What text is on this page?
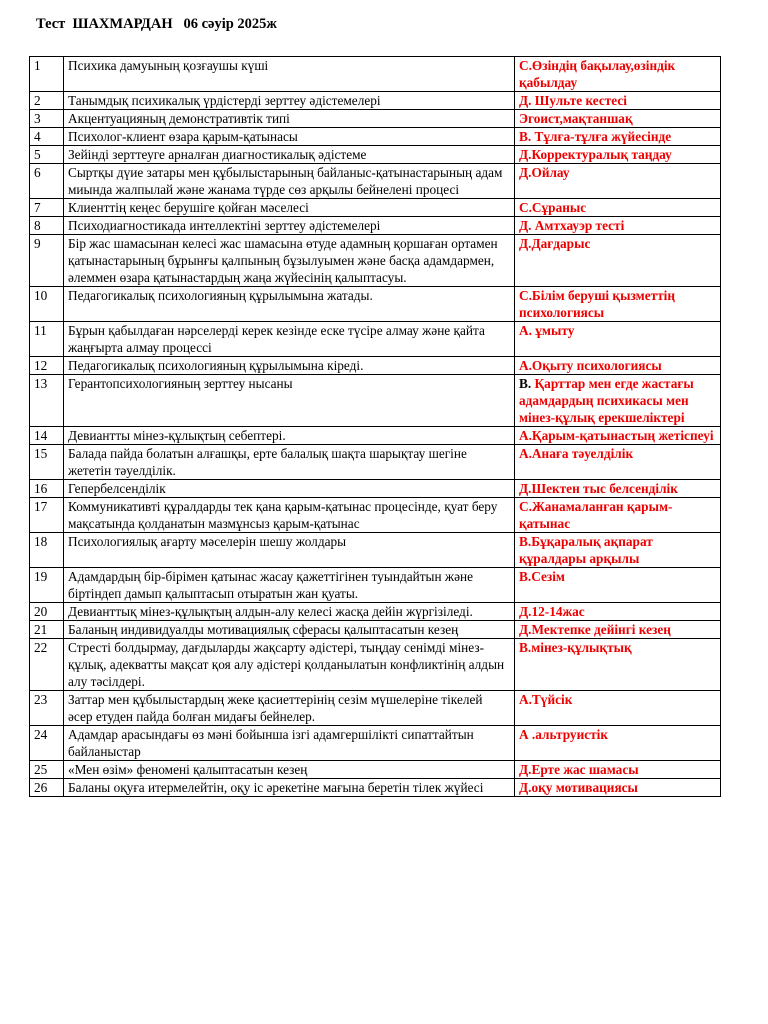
Тест  ШАХМАРДАН   06 сәуір 2025ж
1	Психика дамуының қозғаушы күші	С.Өзіндің бақылау,өзіндік қабылдау
2	Танымдық психикалық үрдістерді зерттеу әдістемелері	Д. Шульте кестесі
3	Акцентуацияның демонстративтік типі	Эгоист,мақтаншақ
4	Психолог-клиент өзара қарым-қатынасы	В. Тұлға-тұлға жүйесінде
5	Зейінді зерттеуге арналған диагностикалық әдістеме	Д.Корректуралық таңдау
6	Сыртқы дүие затары мен құбылыстарының байланыс-қатынастарының адам миында жалпылай және жанама түрде сөз арқылы бейнелені процесі	Д.Ойлау
7	Клиенттің кеңес берушіге қойған мәселесі	С.Сұраныс
8	Психодиагностикада интеллектіні зерттеу әдістемелері	Д. Амтхауэр тесті
9	Бір жас шамасынан келесі жас шамасына өтуде адамның қоршаған ортамен қатынастарының бұрынғы қалпының бұзылуымен және басқа адамдармен, әлеммен өзара қатынастардың жаңа жүйесінің қалыптасуы.	Д.Дағдарыс
10	Педагогикалық психологияның құрылымына жатады.	С.Білім беруші қызметтің психологиясы
11	Бұрын қабылдаған нәрселерді керек кезінде еске түсіре алмау және қайта жаңғырта алмау процессі	А. ұмыту
12	Педагогикалық психологияның құрылымына кіреді.	А.Оқыту психологиясы
13	Герантопсихологияның зерттеу нысаны	В. Қарттар мен егде жастағы адамдардың психикасы мен мінез-құлық ерекшеліктері
14	Девиантты мінез-құлықтың себептері.	А.Қарым-қатынастың жетіспеуі
15	Балада пайда болатын алғашқы, ерте балалық шақта шарықтау шегіне жететін тәуелділік.	А.Анаға тәуелділік
16	Гепербелсенділік	Д.Шектен тыс белсенділік
17	Коммуникативті құралдарды тек қана қарым-қатынас процесінде, қуат беру мақсатында қолданатын мазмұнсыз қарым-қатынас	С.Жанамаланған қарым-қатынас
18	Психологиялық ағарту мәселерін шешу жолдары	В.Бұқаралық ақпарат құралдары арқылы
19	Адамдардың бір-бірімен қатынас жасау қажеттігінен туындайтын және біртіндеп дамып қалыптасып отыратын жан қуаты.	В.Сезім
20	Девианттық мінез-құлықтың алдын-алу келесі жасқа дейін жүргізіледі.	Д.12-14жас
21	Баланың индивидуалды мотивациялық сферасы қалыптасатын кезең	Д.Мектепке дейінгі кезең
22	Стресті болдырмау, дағдыларды жақсарту әдістері, тыңдау сенімді мінез-құлық, адекватты мақсат қоя алу әдістері қолданылатын конфликтінің алдын алу тәсілдері.	В.мінез-құлықтық
23	Заттар мен құбылыстардың жеке қасиеттерінің сезім мүшелеріне тікелей әсер етуден пайда болған мидағы бейнелер.	А.Түйсік
24	Адамдар арасындағы өз мәні бойынша ізгі адамгершілікті сипаттайтын байланыстар	А .альтруистік
25	«Мен өзім» феномені қалыптасатын кезең	Д.Ерте жас шамасы
26	Баланы оқуға итермелейтін, оқу іс әрекетіне мағына беретін тілек жүйесі	Д.оқу мотивациясы
